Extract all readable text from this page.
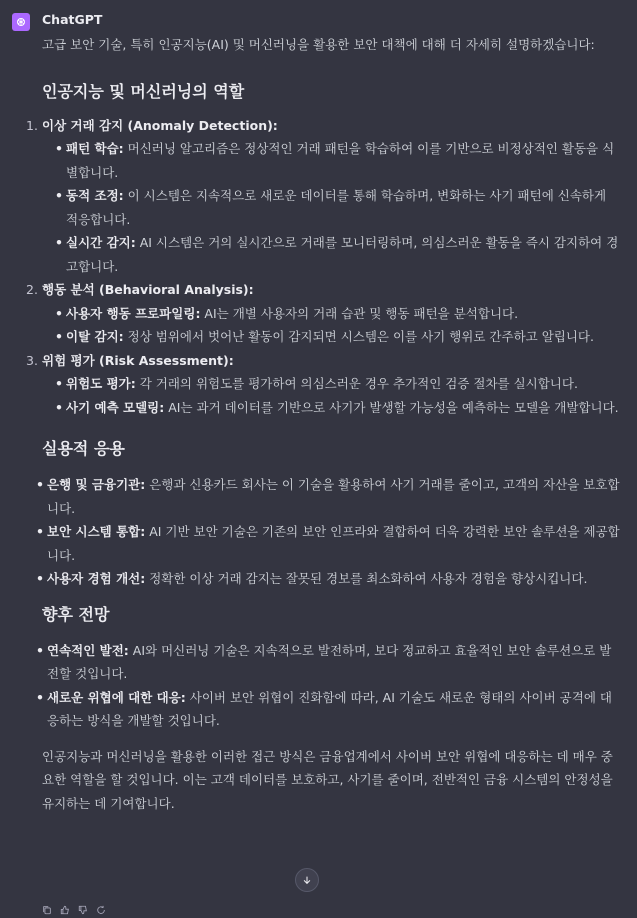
ChatGPT

고급 보안 기술, 특히 인공지능(AI) 및 머신러닝을 활용한 보안 대책에 대해 더 자세히 설명하겠습니다:

인공지능 및 머신러닝의 역할
1. 이상 거래 감지 (Anomaly Detection):
• 패턴 학습: 머신러닝 알고리즘은 정상적인 거래 패턴을 학습하여 이를 기반으로 비정상적인 활동을 식별합니다.
• 동적 조정: 이 시스템은 지속적으로 새로운 데이터를 통해 학습하며, 변화하는 사기 패턴에 신속하게 적응합니다.
• 실시간 감지: AI 시스템은 거의 실시간으로 거래를 모니터링하며, 의심스러운 활동을 즉시 감지하여 경고합니다.
2. 행동 분석 (Behavioral Analysis):
• 사용자 행동 프로파일링: AI는 개별 사용자의 거래 습관 및 행동 패턴을 분석합니다.
• 이탈 감지: 정상 범위에서 벗어난 활동이 감지되면 시스템은 이를 사기 행위로 간주하고 알립니다.
3. 위험 평가 (Risk Assessment):
• 위험도 평가: 각 거래의 위험도를 평가하여 의심스러운 경우 추가적인 검증 절차를 실시합니다.
• 사기 예측 모델링: AI는 과거 데이터를 기반으로 사기가 발생할 가능성을 예측하는 모델을 개발합니다.
실용적 응용
• 은행 및 금융기관: 은행과 신용카드 회사는 이 기술을 활용하여 사기 거래를 줄이고, 고객의 자산을 보호합니다.
• 보안 시스템 통합: AI 기반 보안 기술은 기존의 보안 인프라와 결합하여 더욱 강력한 보안 솔루션을 제공합니다.
• 사용자 경험 개선: 정확한 이상 거래 감지는 잘못된 경보를 최소화하여 사용자 경험을 향상시킵니다.
향후 전망
• 연속적인 발전: AI와 머신러닝 기술은 지속적으로 발전하며, 보다 정교하고 효율적인 보안 솔루션으로 발전할 것입니다.
• 새로운 위협에 대한 대응: 사이버 보안 위협이 진화함에 따라, AI 기술도 새로운 형태의 사이버 공격에 대응하는 방식을 개발할 것입니다.

인공지능과 머신러닝을 활용한 이러한 접근 방식은 금융업계에서 사이버 보안 위협에 대응하는 데 매우 중요한 역할을 할 것입니다. 이는 고객 데이터를 보호하고, 사기를 줄이며, 전반적인 금융 시스템의 안정성을 유지하는 데 기여합니다.
